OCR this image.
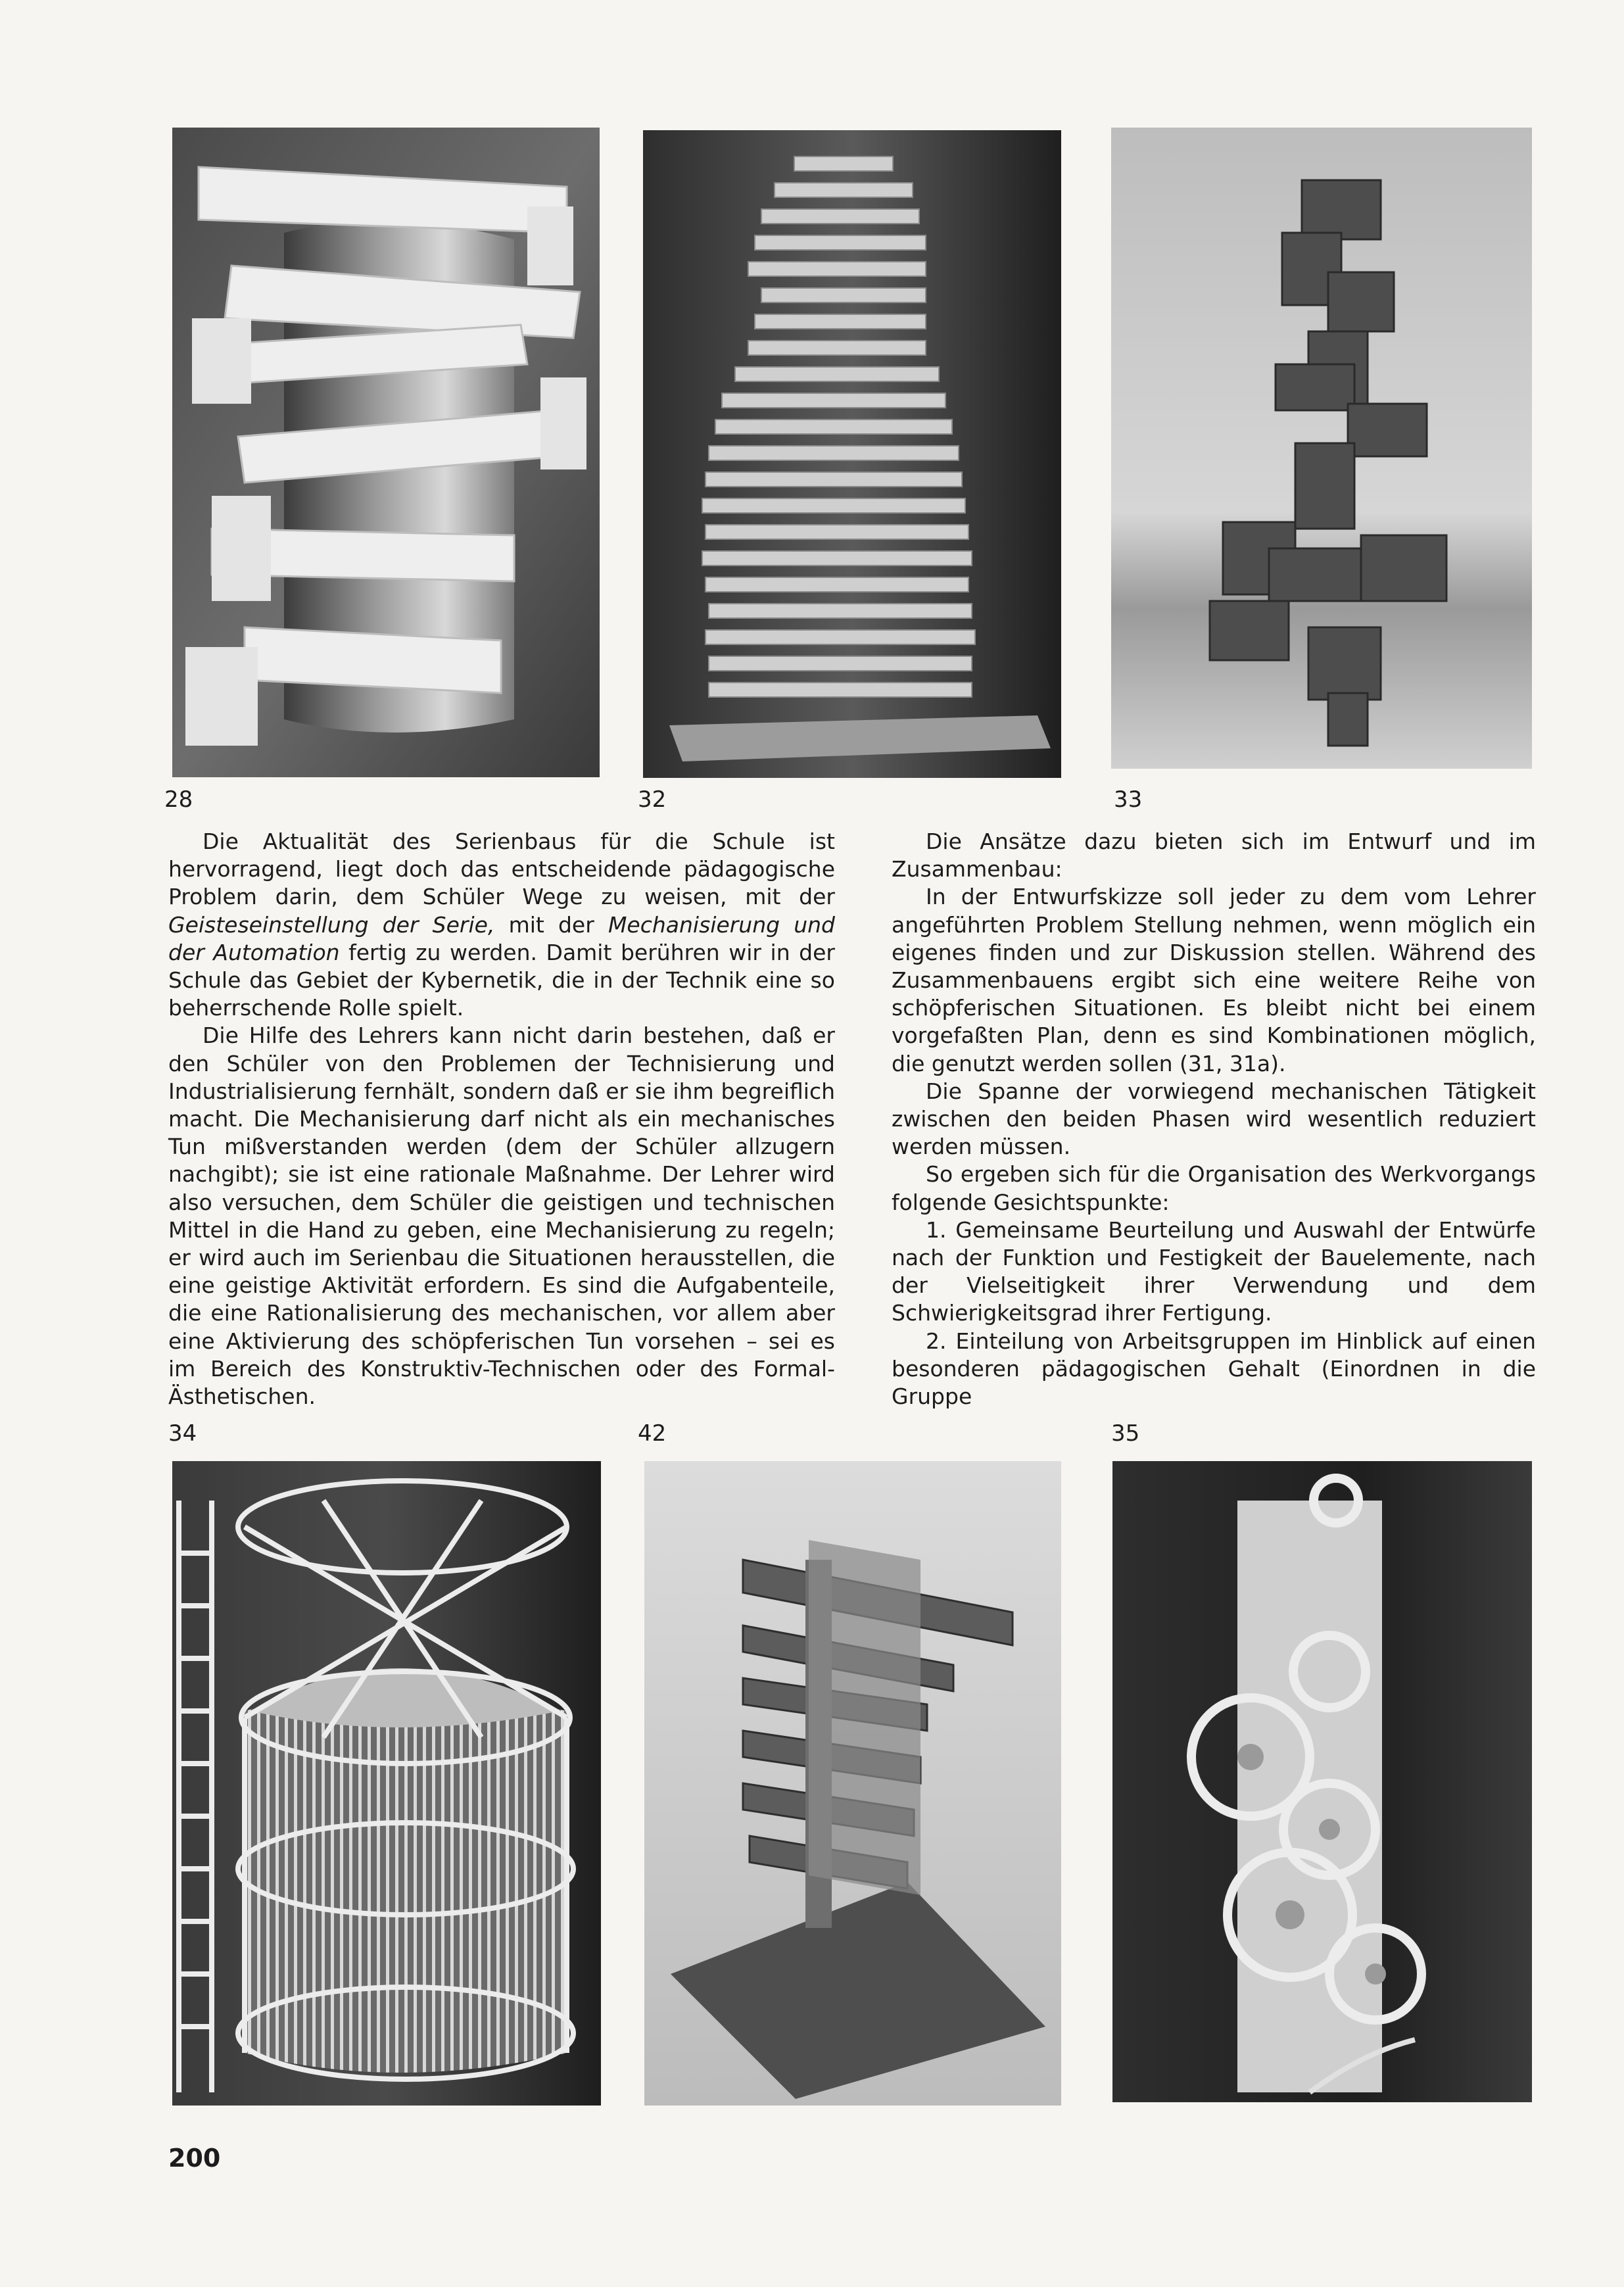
28	32	33

Die Aktualität des Serienbaus für die Schule ist hervorragend, liegt doch das entscheidende pädagogische Problem darin, dem Schüler Wege zu weisen, mit der Geisteseinstellung der Serie, mit der Mechanisierung und der Automation fertig zu werden. Damit berühren wir in der Schule das Gebiet der Kybernetik, die in der Technik eine so beherrschende Rolle spielt.

Die Hilfe des Lehrers kann nicht darin bestehen, daß er den Schüler von den Problemen der Technisierung und Industrialisierung fernhält, sondern daß er sie ihm begreiflich macht. Die Mechanisierung darf nicht als ein mechanisches Tun mißverstanden werden (dem der Schüler allzugern nachgibt); sie ist eine rationale Maßnahme. Der Lehrer wird also versuchen, dem Schüler die geistigen und technischen Mittel in die Hand zu geben, eine Mechanisierung zu regeln; er wird auch im Serienbau die Situationen herausstellen, die eine geistige Aktivität erfordern. Es sind die Aufgabenteile, die eine Rationalisierung des mechanischen, vor allem aber eine Aktivierung des schöpferischen Tun vorsehen – sei es im Bereich des Konstruktiv-Technischen oder des Formal-Ästhetischen.

Die Ansätze dazu bieten sich im Entwurf und im Zusammenbau:

In der Entwurfskizze soll jeder zu dem vom Lehrer angeführten Problem Stellung nehmen, wenn möglich ein eigenes finden und zur Diskussion stellen. Während des Zusammenbauens ergibt sich eine weitere Reihe von schöpferischen Situationen. Es bleibt nicht bei einem vorgefaßten Plan, denn es sind Kombinationen möglich, die genutzt werden sollen (31, 31a).

Die Spanne der vorwiegend mechanischen Tätigkeit zwischen den beiden Phasen wird wesentlich reduziert werden müssen.

So ergeben sich für die Organisation des Werkvorgangs folgende Gesichtspunkte:

1. Gemeinsame Beurteilung und Auswahl der Entwürfe nach der Funktion und Festigkeit der Bauelemente, nach der Vielseitigkeit ihrer Verwendung und dem Schwierigkeitsgrad ihrer Fertigung.

2. Einteilung von Arbeitsgruppen im Hinblick auf einen besonderen pädagogischen Gehalt (Einordnen in die Gruppe

34	42	35
200
